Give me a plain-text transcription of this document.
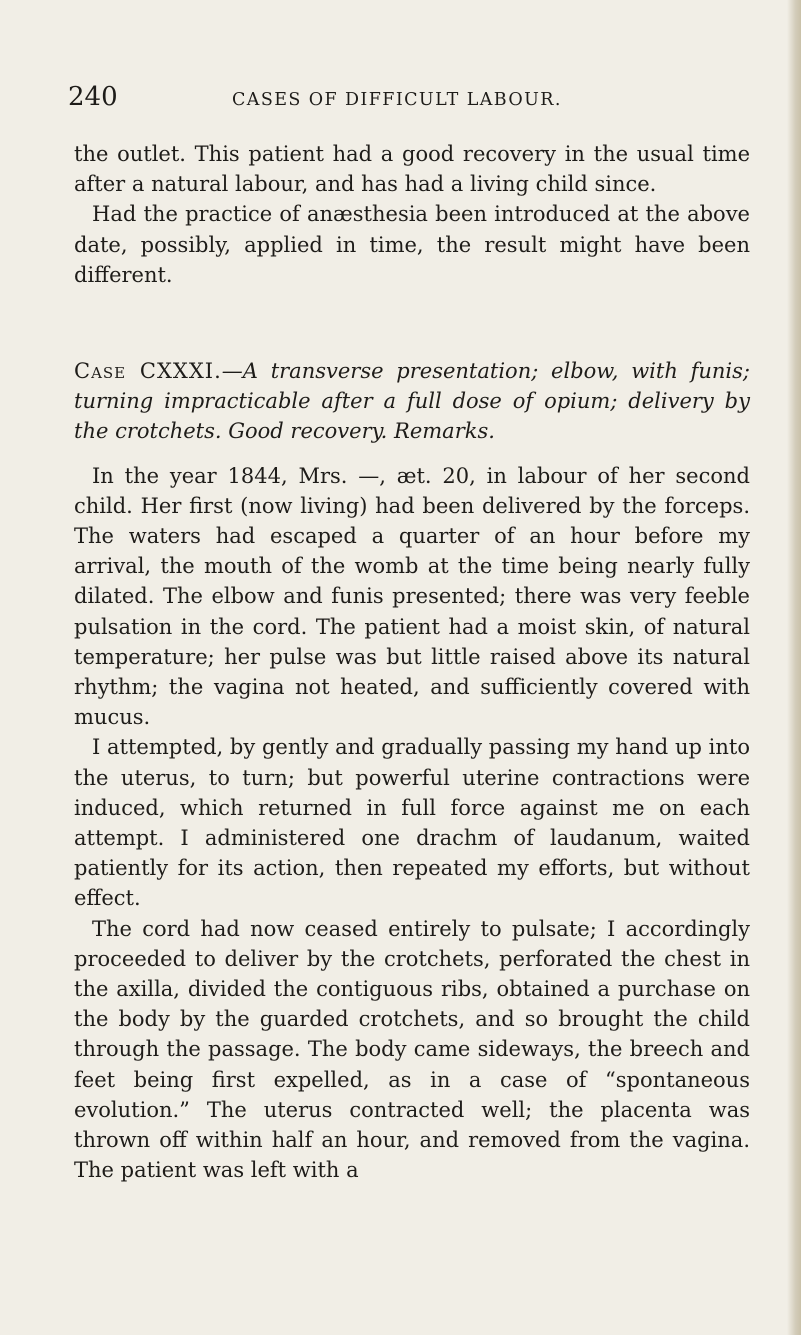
240	CASES OF DIFFICULT LABOUR.

the outlet. This patient had a good recovery in the usual time after a natural labour, and has had a living child since.

Had the practice of anæsthesia been introduced at the above date, possibly, applied in time, the result might have been different.

Case CXXXI.—A transverse presentation; elbow, with funis; turning impracticable after a full dose of opium; delivery by the crotchets. Good recovery. Remarks.

In the year 1844, Mrs. —, æt. 20, in labour of her second child. Her first (now living) had been delivered by the forceps. The waters had escaped a quarter of an hour before my arrival, the mouth of the womb at the time being nearly fully dilated. The elbow and funis presented; there was very feeble pulsation in the cord. The patient had a moist skin, of natural temperature; her pulse was but little raised above its natural rhythm; the vagina not heated, and sufficiently covered with mucus.

I attempted, by gently and gradually passing my hand up into the uterus, to turn; but powerful uterine contractions were induced, which returned in full force against me on each attempt. I administered one drachm of laudanum, waited patiently for its action, then repeated my efforts, but without effect.

The cord had now ceased entirely to pulsate; I accordingly proceeded to deliver by the crotchets, perforated the chest in the axilla, divided the contiguous ribs, obtained a purchase on the body by the guarded crotchets, and so brought the child through the passage. The body came sideways, the breech and feet being first expelled, as in a case of “spontaneous evolution.” The uterus contracted well; the placenta was thrown off within half an hour, and removed from the vagina. The patient was left with a
